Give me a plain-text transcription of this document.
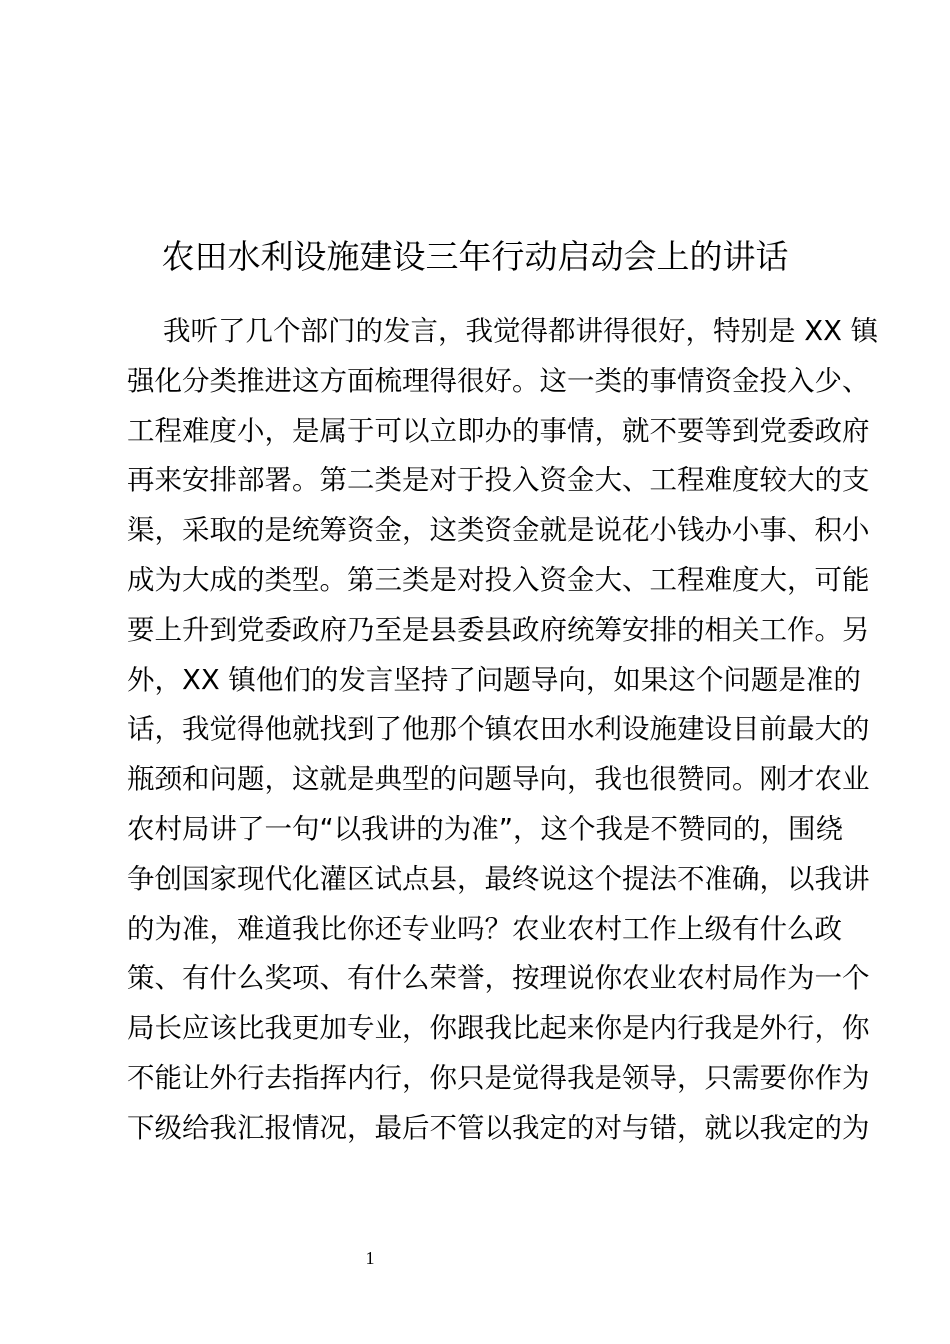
农田水利设施建设三年行动启动会上的讲话
我听了几个部门的发言，我觉得都讲得很好，特别是 XX 镇
强化分类推进这方面梳理得很好。这一类的事情资金投入少、
工程难度小，是属于可以立即办的事情，就不要等到党委政府
再来安排部署。第二类是对于投入资金大、工程难度较大的支
渠，采取的是统筹资金，这类资金就是说花小钱办小事、积小
成为大成的类型。第三类是对投入资金大、工程难度大，可能
要上升到党委政府乃至是县委县政府统筹安排的相关工作。另
外，XX 镇他们的发言坚持了问题导向，如果这个问题是准的
话，我觉得他就找到了他那个镇农田水利设施建设目前最大的
瓶颈和问题，这就是典型的问题导向，我也很赞同。刚才农业
农村局讲了一句“以我讲的为准”，这个我是不赞同的，围绕
争创国家现代化灌区试点县，最终说这个提法不准确，以我讲
的为准，难道我比你还专业吗？农业农村工作上级有什么政
策、有什么奖项、有什么荣誉，按理说你农业农村局作为一个
局长应该比我更加专业，你跟我比起来你是内行我是外行，你
不能让外行去指挥内行，你只是觉得我是领导，只需要你作为
下级给我汇报情况，最后不管以我定的对与错，就以我定的为
1
